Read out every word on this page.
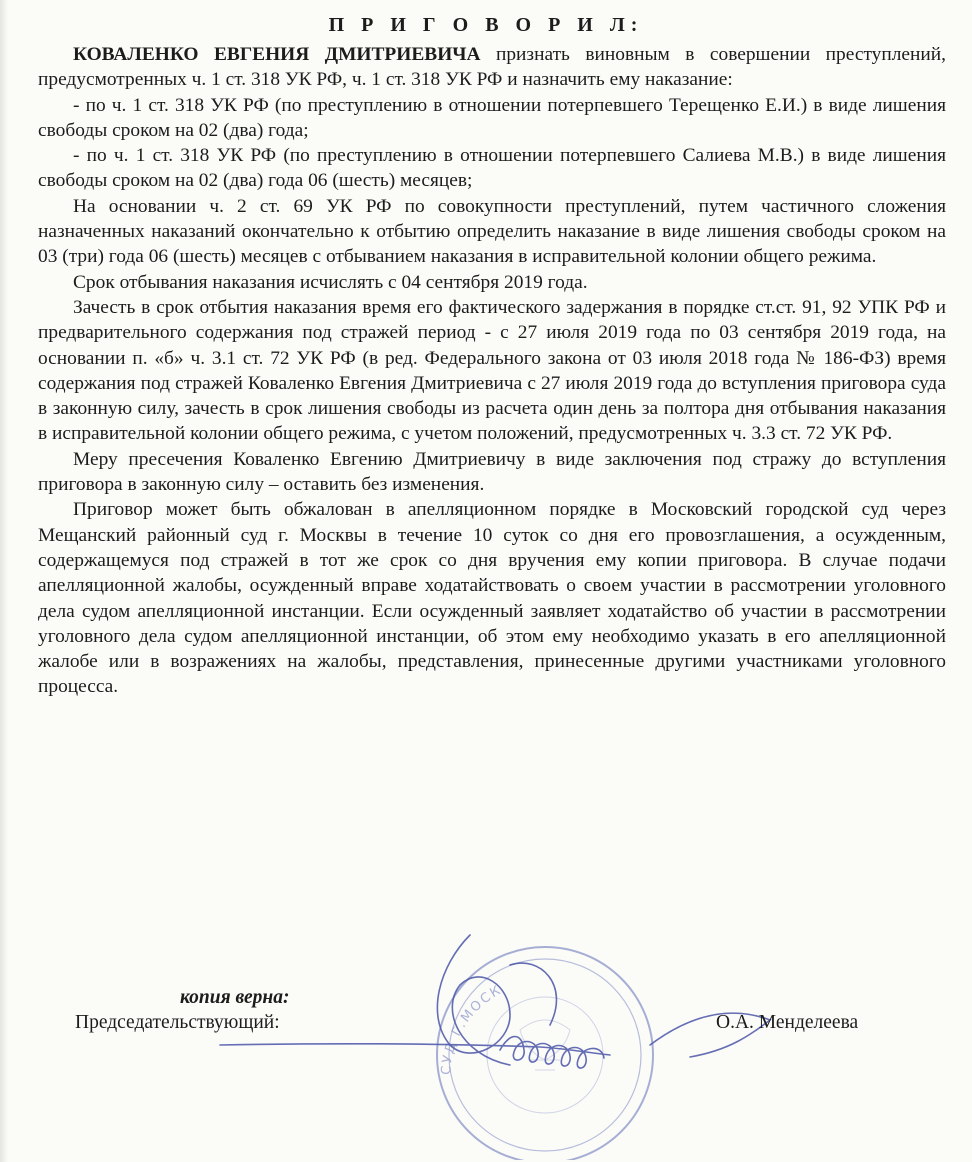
П Р И Г О В О Р И Л:

КОВАЛЕНКО ЕВГЕНИЯ ДМИТРИЕВИЧА признать виновным в совершении преступлений, предусмотренных ч. 1 ст. 318 УК РФ, ч. 1 ст. 318 УК РФ и назначить ему наказание:

- по ч. 1 ст. 318 УК РФ (по преступлению в отношении потерпевшего Терещенко Е.И.) в виде лишения свободы сроком на 02 (два) года;

- по ч. 1 ст. 318 УК РФ (по преступлению в отношении потерпевшего Салиева М.В.) в виде лишения свободы сроком на 02 (два) года 06 (шесть) месяцев;

На основании ч. 2 ст. 69 УК РФ по совокупности преступлений, путем частичного сложения назначенных наказаний окончательно к отбытию определить наказание в виде лишения свободы сроком на 03 (три) года 06 (шесть) месяцев с отбыванием наказания в исправительной колонии общего режима.

Срок отбывания наказания исчислять с 04 сентября 2019 года.

Зачесть в срок отбытия наказания время его фактического задержания в порядке ст.ст. 91, 92 УПК РФ и предварительного содержания под стражей период - с 27 июля 2019 года по 03 сентября 2019 года, на основании п. «б» ч. 3.1 ст. 72 УК РФ (в ред. Федерального закона от 03 июля 2018 года № 186-ФЗ) время содержания под стражей Коваленко Евгения Дмитриевича с 27 июля 2019 года до вступления приговора суда в законную силу, зачесть в срок лишения свободы из расчета один день за полтора дня отбывания наказания в исправительной колонии общего режима, с учетом положений, предусмотренных ч. 3.3 ст. 72 УК РФ.

Меру пресечения Коваленко Евгению Дмитриевичу в виде заключения под стражу до вступления приговора в законную силу – оставить без изменения.

Приговор может быть обжалован в апелляционном порядке в Московский городской суд через Мещанский районный суд г. Москвы в течение 10 суток со дня его провозглашения, а осужденным, содержащемуся под стражей в тот же срок со дня вручения ему копии приговора. В случае подачи апелляционной жалобы, осужденный вправе ходатайствовать о своем участии в рассмотрении уголовного дела судом апелляционной инстанции. Если осужденный заявляет ходатайство об участии в рассмотрении уголовного дела судом апелляционной инстанции, об этом ему необходимо указать в его апелляционной жалобе или в возражениях на жалобы, представления, принесенные другими участниками уголовного процесса.

СУД Г.МОСК
копия верна:
Председательствующий:	О.А. Менделеева
